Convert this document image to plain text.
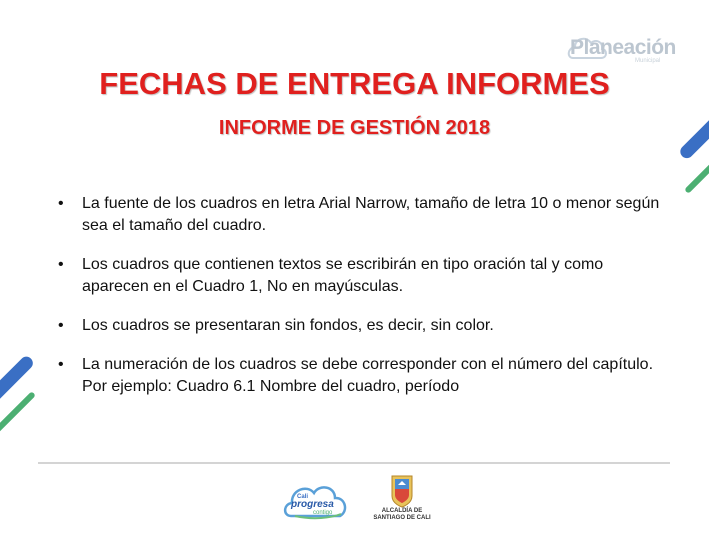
Planeación
Municipal
FECHAS DE ENTREGA INFORMES
INFORME DE GESTIÓN 2018
• La fuente de los cuadros en letra Arial Narrow, tamaño de letra 10 o menor según sea el tamaño del cuadro.
• Los cuadros que contienen textos se escribirán en tipo oración tal y como aparecen en el Cuadro 1, No en mayúsculas.
• Los cuadros se presentaran sin fondos, es decir, sin color.
• La numeración de los cuadros se debe corresponder con el número del capítulo. Por ejemplo: Cuadro 6.1 Nombre del cuadro, período
Cali
progresa
contigo	ALCALDÍA DE
SANTIAGO DE CALI
